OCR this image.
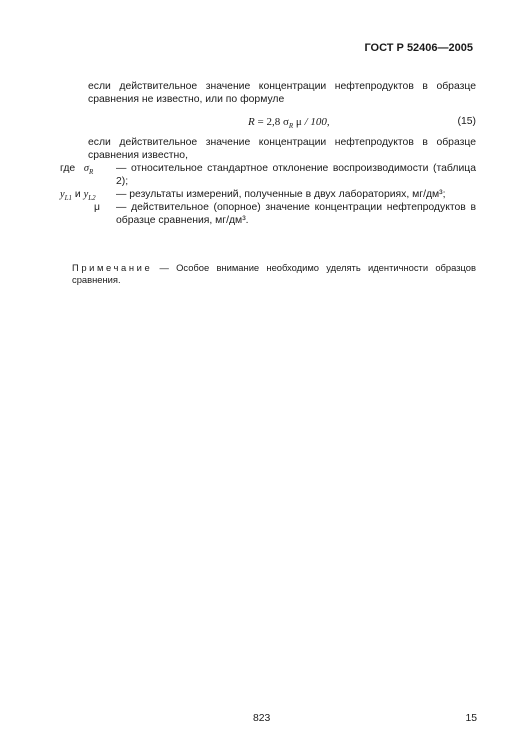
ГОСТ Р 52406—2005
если действительное значение концентрации нефтепродуктов в образце сравнения не известно, или по формуле
R = 2,8 $\sigma_R$ μ / 100,	(15)
если действительное значение концентрации нефтепродуктов в образце сравнения известно,
где   $\sigma_R$ — относительное стандартное отклонение воспроизводимости (таблица 2);
$y_{L1}$ и $y_{L2}$ — результаты измерений, полученные в двух лабораториях, мг/дм³;
μ — действительное (опорное) значение концентрации нефтепродуктов в образце сравнения, мг/дм³.
Примечание — Особое внимание необходимо уделять идентичности образцов сравнения.
823	15
